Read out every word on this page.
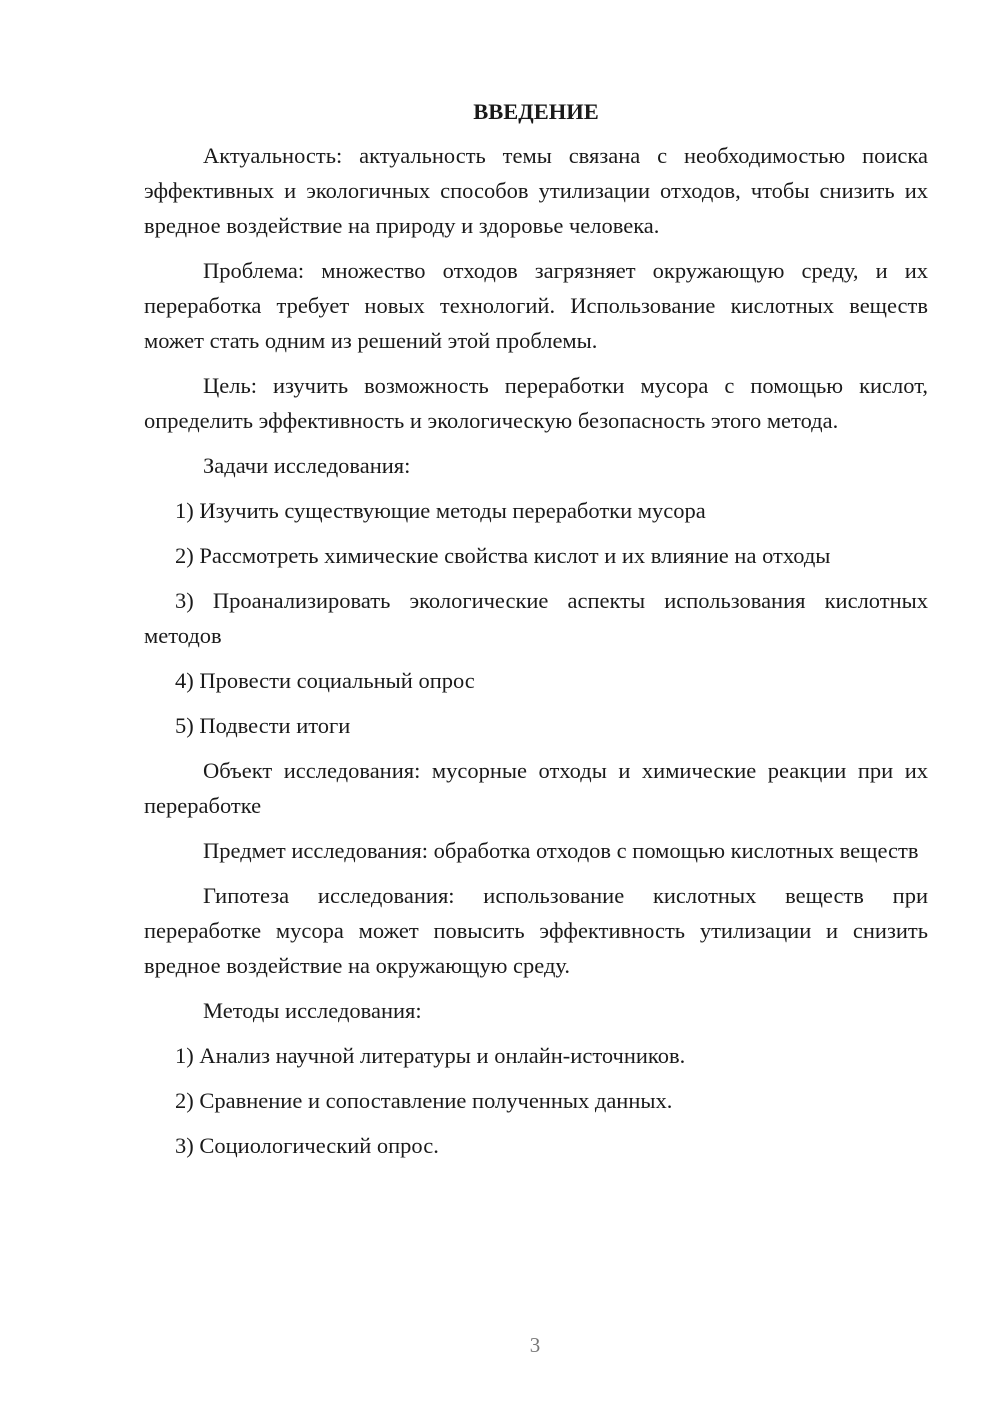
ВВЕДЕНИЕ

Актуальность: актуальность темы связана с необходимостью поиска эффективных и экологичных способов утилизации отходов, чтобы снизить их вредное воздействие на природу и здоровье человека.

Проблема: множество отходов загрязняет окружающую среду, и их переработка требует новых технологий. Использование кислотных веществ может стать одним из решений этой проблемы.

Цель: изучить возможность переработки мусора с помощью кислот, определить эффективность и экологическую безопасность этого метода.

Задачи исследования:

1) Изучить существующие методы переработки мусора

2) Рассмотреть химические свойства кислот и их влияние на отходы

3) Проанализировать экологические аспекты использования кислотных методов

4) Провести социальный опрос

5) Подвести итоги

Объект исследования: мусорные отходы и химические реакции при их переработке

Предмет исследования: обработка отходов с помощью кислотных веществ

Гипотеза исследования: использование кислотных веществ при переработке мусора может повысить эффективность утилизации и снизить вредное воздействие на окружающую среду.

Методы исследования:

1) Анализ научной литературы и онлайн-источников.

2) Сравнение и сопоставление полученных данных.

3) Социологический опрос.

3
